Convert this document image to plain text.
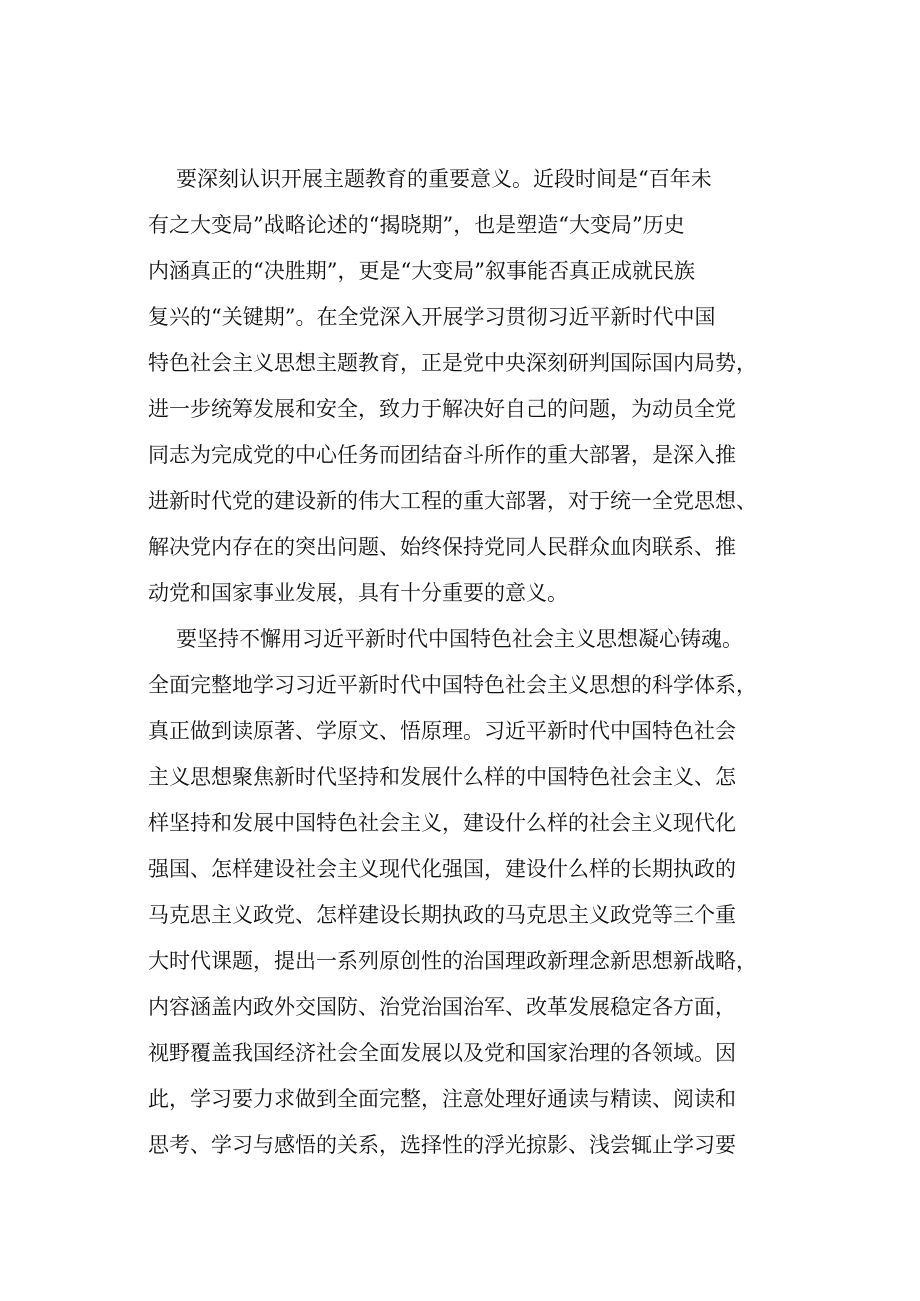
要深刻认识开展主题教育的重要意义。近段时间是“百年未
有之大变局”战略论述的“揭晓期”，也是塑造“大变局”历史
内涵真正的“决胜期”，更是“大变局”叙事能否真正成就民族
复兴的“关键期”。在全党深入开展学习贯彻习近平新时代中国
特色社会主义思想主题教育，正是党中央深刻研判国际国内局势，
进一步统筹发展和安全，致力于解决好自己的问题，为动员全党
同志为完成党的中心任务而团结奋斗所作的重大部署，是深入推
进新时代党的建设新的伟大工程的重大部署，对于统一全党思想、
解决党内存在的突出问题、始终保持党同人民群众血肉联系、推
动党和国家事业发展，具有十分重要的意义。
要坚持不懈用习近平新时代中国特色社会主义思想凝心铸魂。
全面完整地学习习近平新时代中国特色社会主义思想的科学体系，
真正做到读原著、学原文、悟原理。习近平新时代中国特色社会
主义思想聚焦新时代坚持和发展什么样的中国特色社会主义、怎
样坚持和发展中国特色社会主义，建设什么样的社会主义现代化
强国、怎样建设社会主义现代化强国，建设什么样的长期执政的
马克思主义政党、怎样建设长期执政的马克思主义政党等三个重
大时代课题，提出一系列原创性的治国理政新理念新思想新战略，
内容涵盖内政外交国防、治党治国治军、改革发展稳定各方面，
视野覆盖我国经济社会全面发展以及党和国家治理的各领域。因
此，学习要力求做到全面完整，注意处理好通读与精读、阅读和
思考、学习与感悟的关系，选择性的浮光掠影、浅尝辄止学习要
